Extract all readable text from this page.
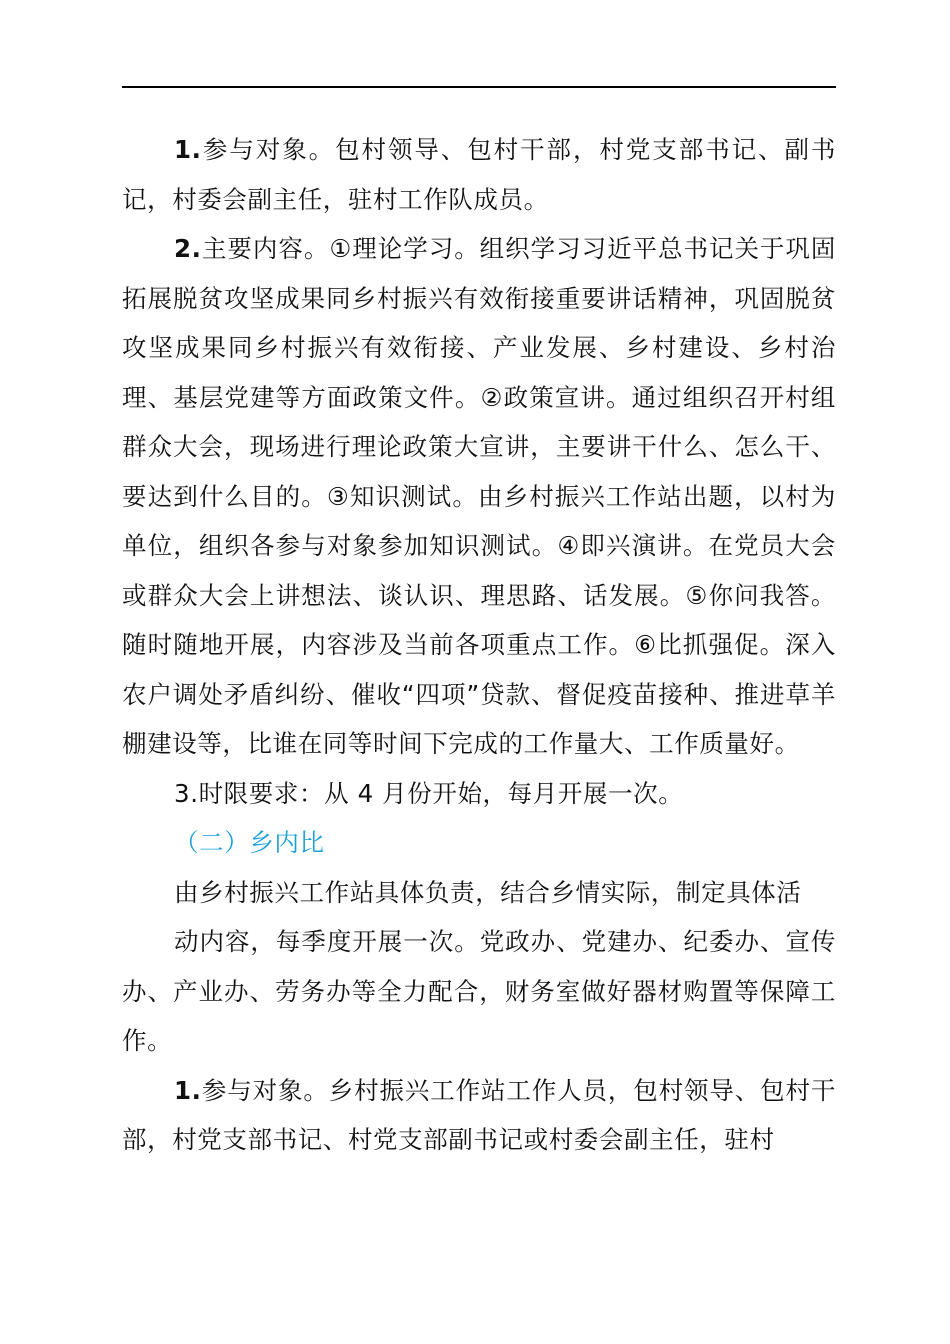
1.参与对象。包村领导、包村干部，村党支部书记、副书记，村委会副主任，驻村工作队成员。

2.主要内容。①理论学习。组织学习习近平总书记关于巩固拓展脱贫攻坚成果同乡村振兴有效衔接重要讲话精神，巩固脱贫攻坚成果同乡村振兴有效衔接、产业发展、乡村建设、乡村治理、基层党建等方面政策文件。②政策宣讲。通过组织召开村组群众大会，现场进行理论政策大宣讲，主要讲干什么、怎么干、要达到什么目的。③知识测试。由乡村振兴工作站出题，以村为单位，组织各参与对象参加知识测试。④即兴演讲。在党员大会或群众大会上讲想法、谈认识、理思路、话发展。⑤你问我答。随时随地开展，内容涉及当前各项重点工作。⑥比抓强促。深入农户调处矛盾纠纷、催收“四项”贷款、督促疫苗接种、推进草羊棚建设等，比谁在同等时间下完成的工作量大、工作质量好。

3.时限要求：从 4 月份开始，每月开展一次。

（二）乡内比

由乡村振兴工作站具体负责，结合乡情实际，制定具体活

动内容，每季度开展一次。党政办、党建办、纪委办、宣传办、产业办、劳务办等全力配合，财务室做好器材购置等保障工作。

1.参与对象。乡村振兴工作站工作人员，包村领导、包村干部，村党支部书记、村党支部副书记或村委会副主任，驻村
